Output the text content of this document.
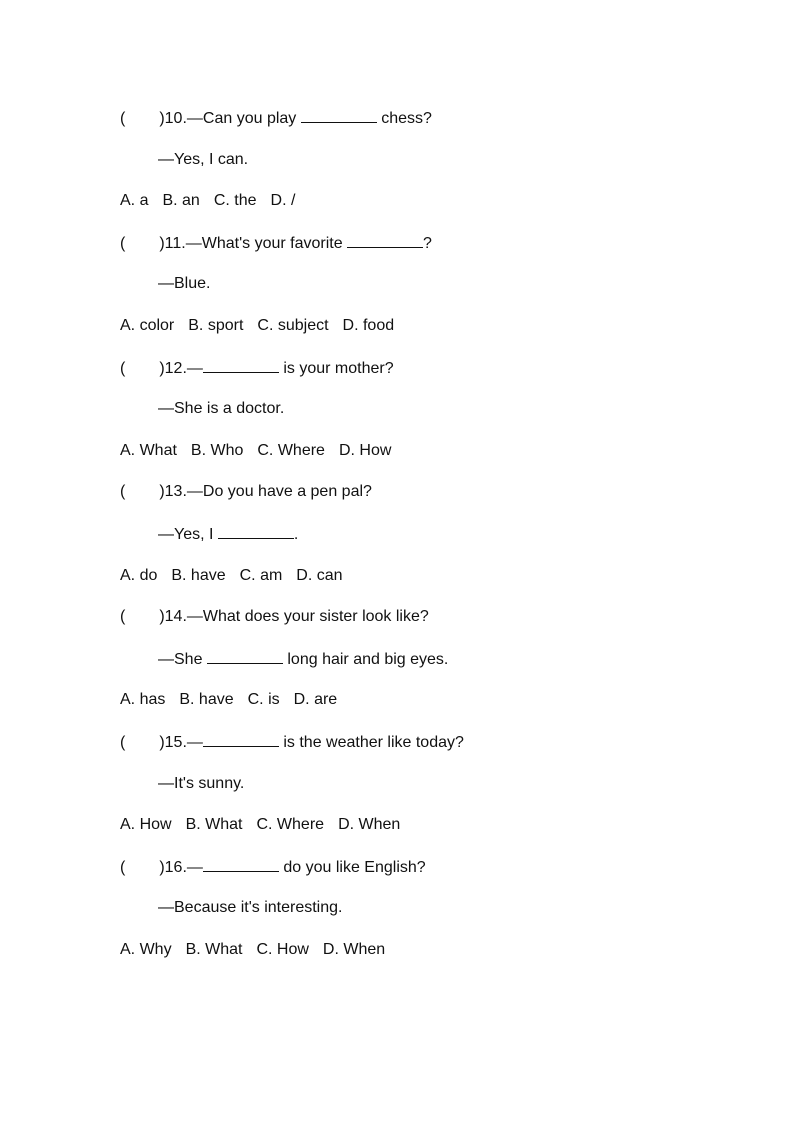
( )10.—Can you play	chess?
—Yes, I can.
A. a B. an C. the D. /
( )11.—What's your favorite	?
—Blue.
A. color B. sport C. subject D. food
( )12.—	is your mother?
—She is a doctor.
A. What B. Who C. Where D. How
( )13.—Do you have a pen pal?
—Yes, I	.
A. do B. have C. am D. can
( )14.—What does your sister look like?
—She	long hair and big eyes.
A. has B. have C. is D. are
( )15.—	is the weather like today?
—It's sunny.
A. How B. What C. Where D. When
( )16.—	do you like English?
—Because it's interesting.
A. Why B. What C. How D. When
